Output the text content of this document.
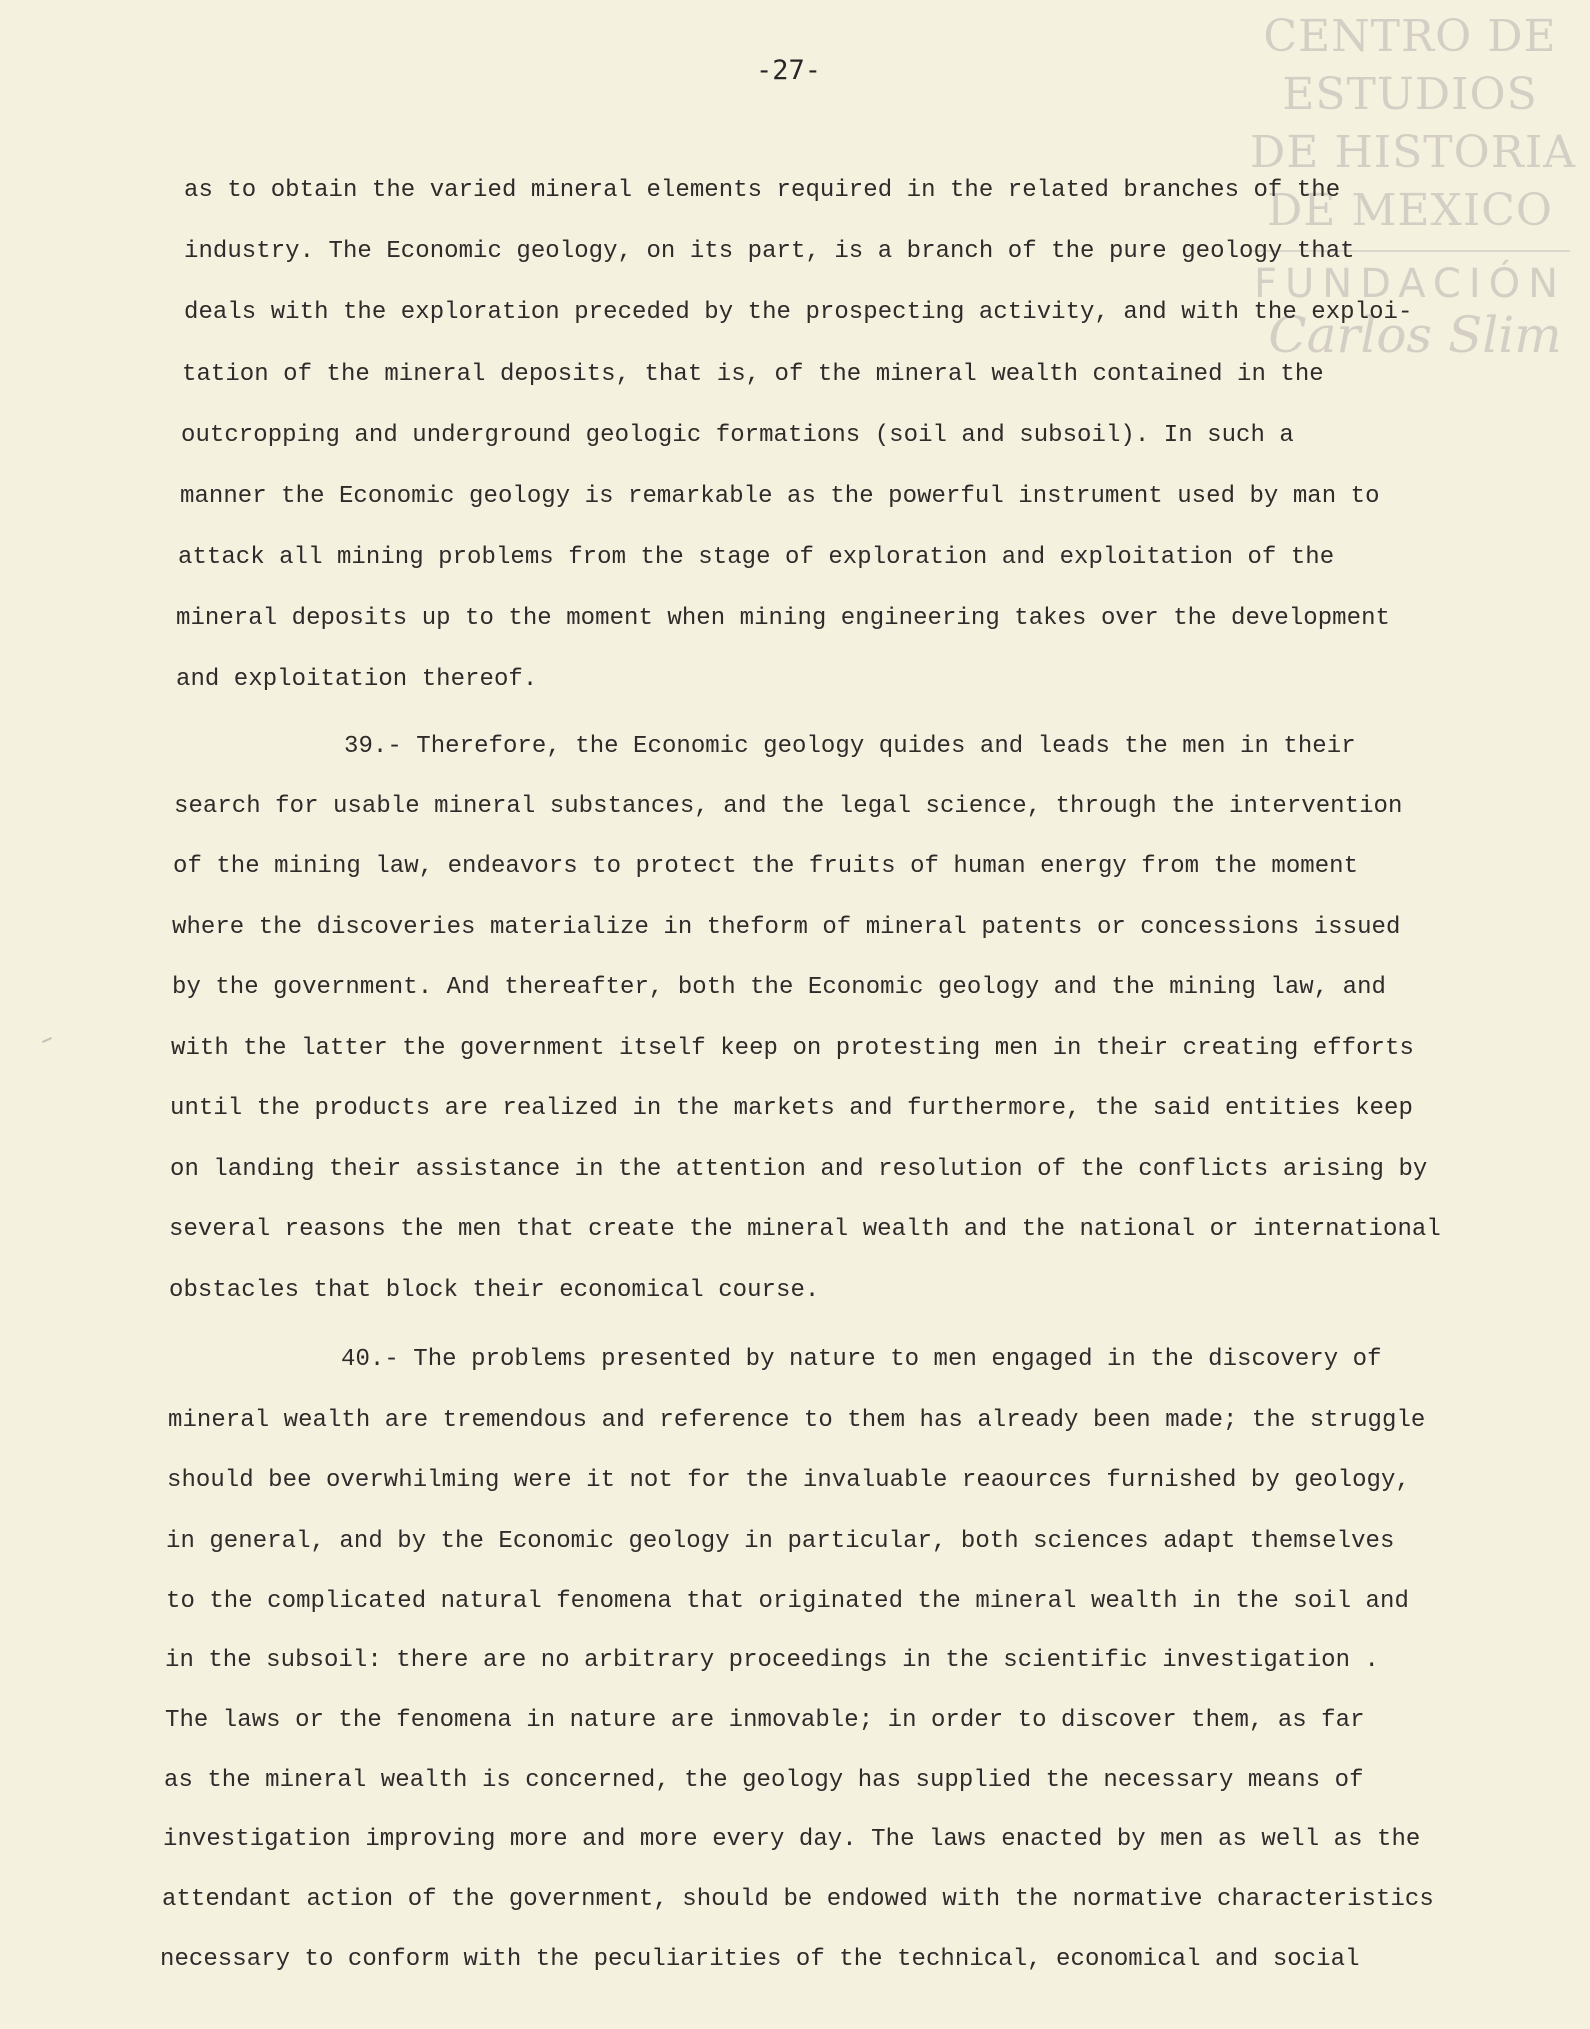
CENTRO DE
ESTUDIOS
DE HISTORIA
DE MEXICO
FUNDACIÓN
Carlos Slim
-27-
as to obtain the varied mineral elements required in the related branches of the
industry. The Economic geology, on its part, is a branch of the pure geology that
deals with the exploration preceded by the prospecting activity, and with the exploi-
tation of the mineral deposits, that is, of the mineral wealth contained in the
outcropping and underground geologic formations (soil and subsoil). In such a
manner the Economic geology is remarkable as the powerful instrument used by man to
attack all mining problems from the stage of exploration and exploitation of the
mineral deposits up to the moment when mining engineering takes over the development
and exploitation thereof.
39.- Therefore, the Economic geology quides and leads the men in their
search for usable mineral substances, and the legal science, through the intervention
of the mining law, endeavors to protect the fruits of human energy from the moment
where the discoveries materialize in theform of mineral patents or concessions issued
by the government. And thereafter, both the Economic geology and the mining law, and
with the latter the government itself keep on protesting men in their creating efforts
until the products are realized in the markets and furthermore, the said entities keep
on landing their assistance in the attention and resolution of the conflicts arising by
several reasons the men that create the mineral wealth and the national or international
obstacles that block their economical course.
40.- The problems presented by nature to men engaged in the discovery of
mineral wealth are tremendous and reference to them has already been made; the struggle
should bee overwhilming were it not for the invaluable reaources furnished by geology,
in general, and by the Economic geology in particular, both sciences adapt themselves
to the complicated natural fenomena that originated the mineral wealth in the soil and
in the subsoil: there are no arbitrary proceedings in the scientific investigation .
The laws or the fenomena in nature are inmovable; in order to discover them, as far
as the mineral wealth is concerned, the geology has supplied the necessary means of
investigation improving more and more every day. The laws enacted by men as well as the
attendant action of the government, should be endowed with the normative characteristics
necessary to conform with the peculiarities of the technical, economical and social
